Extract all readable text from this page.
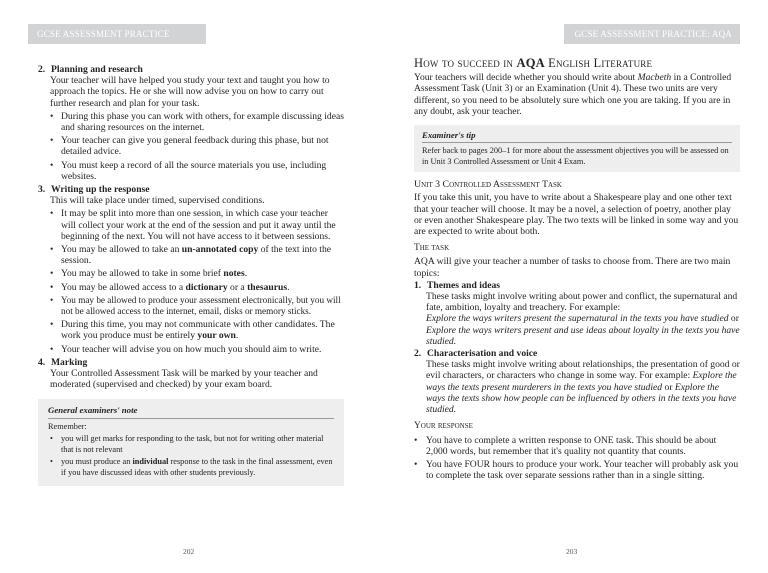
GCSE ASSESSMENT PRACTICE
2. Planning and research
Your teacher will have helped you study your text and taught you how to approach the topics. He or she will now advise you on how to carry out further research and plan for your task.
• During this phase you can work with others, for example discussing ideas and sharing resources on the internet.
• Your teacher can give you general feedback during this phase, but not detailed advice.
• You must keep a record of all the source materials you use, including websites.
3. Writing up the response
This will take place under timed, supervised conditions.
• It may be split into more than one session, in which case your teacher will collect your work at the end of the session and put it away until the beginning of the next. You will not have access to it between sessions.
• You may be allowed to take an un-annotated copy of the text into the session.
• You may be allowed to take in some brief notes.
• You may be allowed access to a dictionary or a thesaurus.
• You may be allowed to produce your assessment electronically, but you will not be allowed access to the internet, email, disks or memory sticks.
• During this time, you may not communicate with other candidates. The work you produce must be entirely your own.
• Your teacher will advise you on how much you should aim to write.
4. Marking
Your Controlled Assessment Task will be marked by your teacher and moderated (supervised and checked) by your exam board.
General examiners' note
Remember:
• you will get marks for responding to the task, but not for writing other material that is not relevant
• you must produce an individual response to the task in the final assessment, even if you have discussed ideas with other students previously.
202
GCSE ASSESSMENT PRACTICE: AQA
How to succeed in AQA English Literature

Your teachers will decide whether you should write about Macbeth in a Controlled Assessment Task (Unit 3) or an Examination (Unit 4). These two units are very different, so you need to be absolutely sure which one you are taking. If you are in any doubt, ask your teacher.

Examiner's tip
Refer back to pages 200–1 for more about the assessment objectives you will be assessed on in Unit 3 Controlled Assessment or Unit 4 Exam.
Unit 3 Controlled Assessment Task

If you take this unit, you have to write about a Shakespeare play and one other text that your teacher will choose. It may be a novel, a selection of poetry, another play or even another Shakespeare play. The two texts will be linked in some way and you are expected to write about both.

The task

AQA will give your teacher a number of tasks to choose from. There are two main topics:

1. Themes and ideas
These tasks might involve writing about power and conflict, the supernatural and fate, ambition, loyalty and treachery. For example:
Explore the ways writers present the supernatural in the texts you have studied or Explore the ways writers present and use ideas about loyalty in the texts you have studied.
2. Characterisation and voice
These tasks might involve writing about relationships, the presentation of good or evil characters, or characters who change in some way. For example: Explore the ways the texts present murderers in the texts you have studied or Explore the ways the texts show how people can be influenced by others in the texts you have studied.
Your response
• You have to complete a written response to ONE task. This should be about 2,000 words, but remember that it's quality not quantity that counts.
• You have FOUR hours to produce your work. Your teacher will probably ask you to complete the task over separate sessions rather than in a single sitting.
203
